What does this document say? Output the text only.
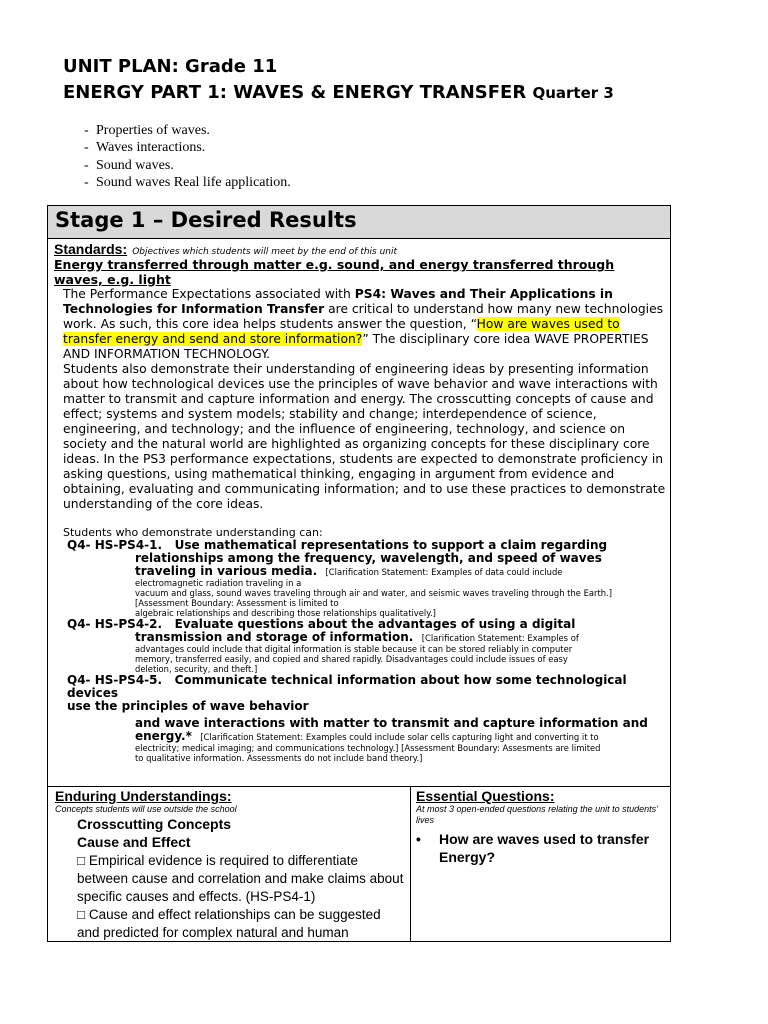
UNIT PLAN: Grade 11
ENERGY PART 1: WAVES & ENERGY TRANSFER Quarter 3
- Properties of waves.
- Waves interactions.
- Sound waves.
- Sound waves Real life application.
Stage 1 – Desired Results
Standards: Objectives which students will meet by the end of this unit
Energy transferred through matter e.g. sound, and energy transferred through waves, e.g. light

The Performance Expectations associated with PS4: Waves and Their Applications in Technologies for Information Transfer are critical to understand how many new technologies work. As such, this core idea helps students answer the question, “How are waves used to transfer energy and send and store information?” The disciplinary core idea WAVE PROPERTIES AND INFORMATION TECHNOLOGY.

Students also demonstrate their understanding of engineering ideas by presenting information about how technological devices use the principles of wave behavior and wave interactions with matter to transmit and capture information and energy. The crosscutting concepts of cause and effect; systems and system models; stability and change; interdependence of science, engineering, and technology; and the influence of engineering, technology, and science on society and the natural world are highlighted as organizing concepts for these disciplinary core ideas. In the PS3 performance expectations, students are expected to demonstrate proficiency in asking questions, using mathematical thinking, engaging in argument from evidence and obtaining, evaluating and communicating information; and to use these practices to demonstrate understanding of the core ideas.

Students who demonstrate understanding can:
Q4- HS-PS4-1. Use mathematical representations to support a claim regarding
relationships among the frequency, wavelength, and speed of waves
traveling in various media. [Clarification Statement: Examples of data could include
electromagnetic radiation traveling in a
vacuum and glass, sound waves traveling through air and water, and seismic waves traveling through the Earth.]
[Assessment Boundary: Assessment is limited to
algebraic relationships and describing those relationships qualitatively.]
Q4- HS-PS4-2. Evaluate questions about the advantages of using a digital
transmission and storage of information. [Clarification Statement: Examples of
advantages could include that digital information is stable because it can be stored reliably in computer
memory, transferred easily, and copied and shared rapidly. Disadvantages could include issues of easy
deletion, security, and theft.]
Q4- HS-PS4-5. Communicate technical information about how some technological devices
use the principles of wave behavior
and wave interactions with matter to transmit and capture information and
energy.* [Clarification Statement: Examples could include solar cells capturing light and converting it to
electricity; medical imaging; and communications technology.] [Assessment Boundary: Assesments are limited
to qualitative information. Assessments do not include band theory.]
Enduring Understandings:
Concepts students will use outside the school
Crosscutting Concepts
Cause and Effect
□ Empirical evidence is required to differentiate between cause and correlation and make claims about specific causes and effects. (HS-PS4-1)
□ Cause and effect relationships can be suggested and predicted for complex natural and human
Essential Questions:
At most 3 open-ended questions relating the unit to students’ lives
• How are waves used to transfer Energy?
